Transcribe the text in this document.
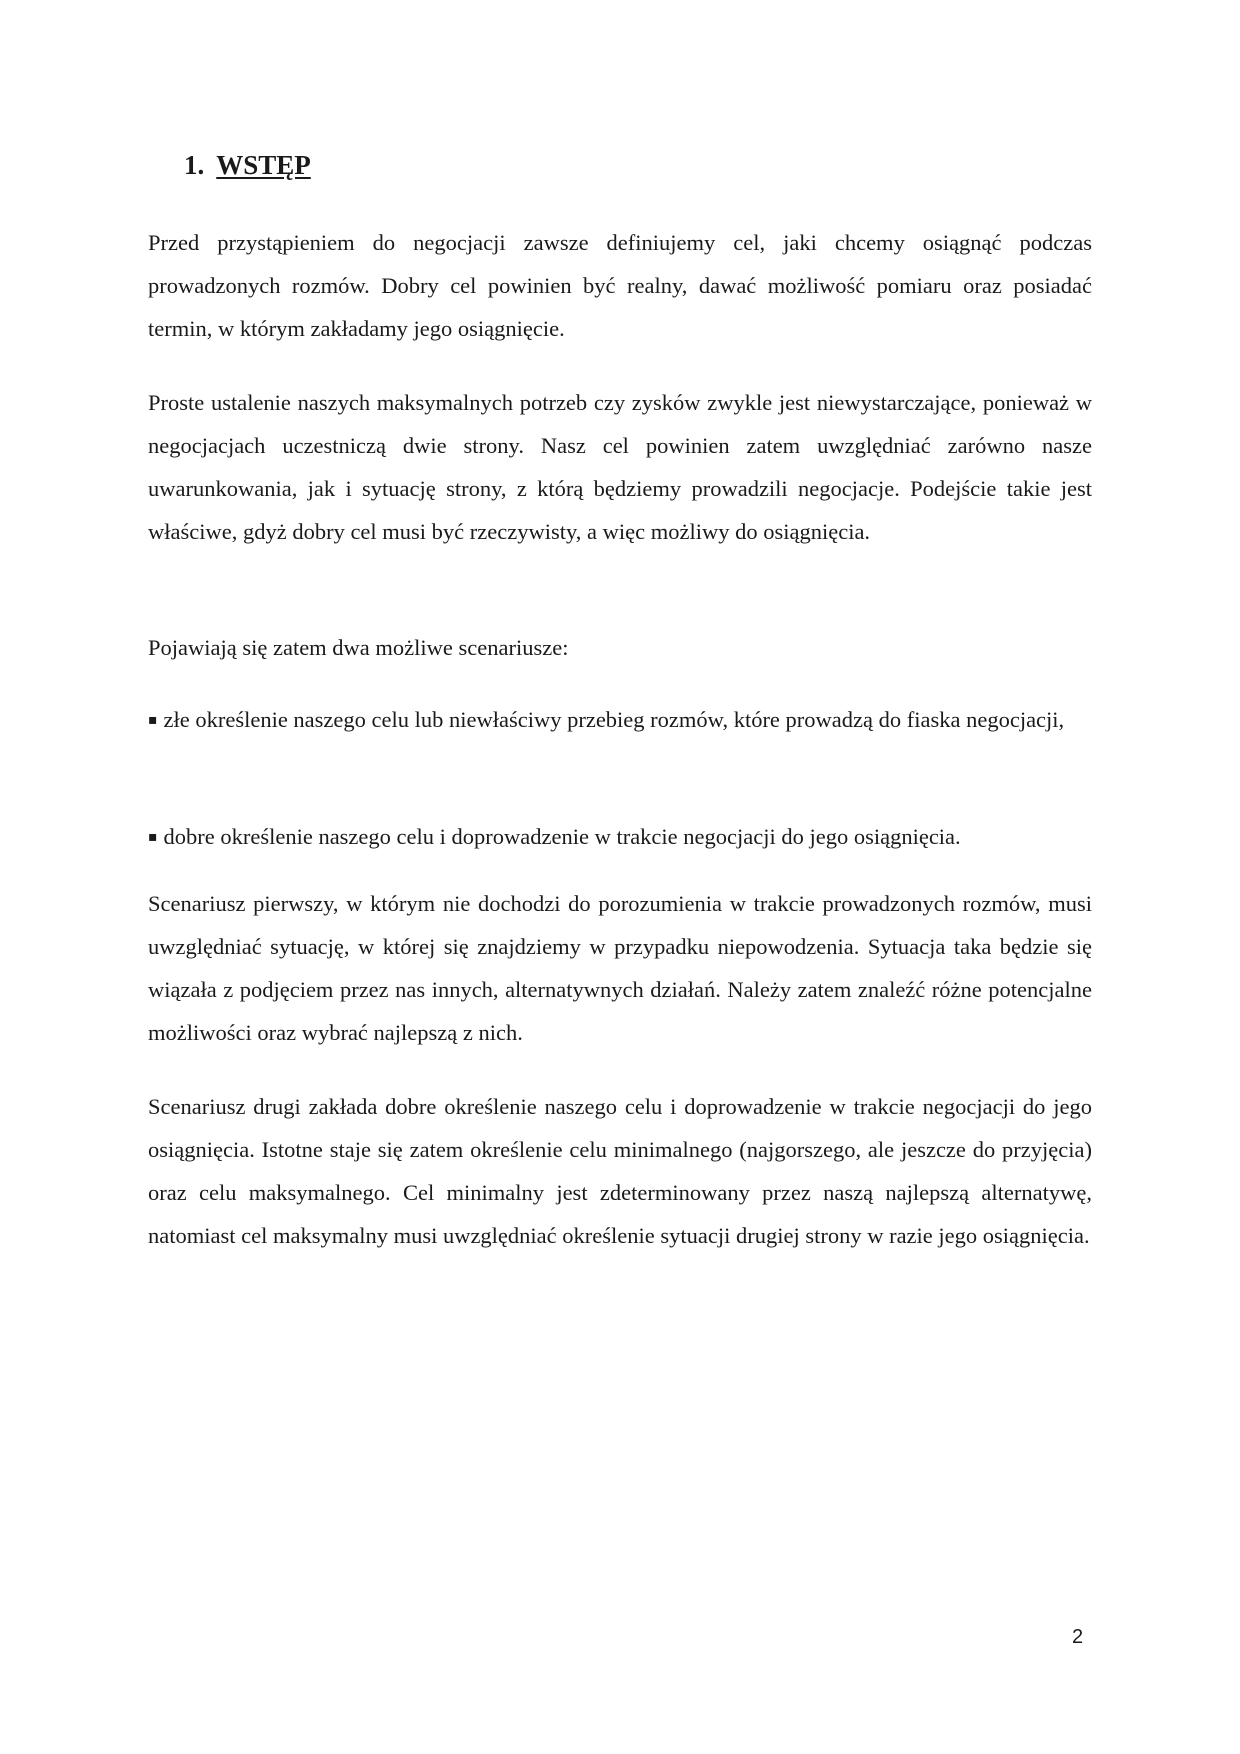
1. WSTĘP

Przed przystąpieniem do negocjacji zawsze definiujemy cel, jaki chcemy osiągnąć podczas prowadzonych rozmów. Dobry cel powinien być realny, dawać możliwość pomiaru oraz posiadać termin, w którym zakładamy jego osiągnięcie.

Proste ustalenie naszych maksymalnych potrzeb czy zysków zwykle jest niewystarczające, ponieważ w negocjacjach uczestniczą dwie strony. Nasz cel powinien zatem uwzględniać zarówno nasze uwarunkowania, jak i sytuację strony, z którą będziemy prowadzili negocjacje. Podejście takie jest właściwe, gdyż dobry cel musi być rzeczywisty, a więc możliwy do osiągnięcia.

Pojawiają się zatem dwa możliwe scenariusze:

▪ złe określenie naszego celu lub niewłaściwy przebieg rozmów, które prowadzą do fiaska negocjacji,

▪ dobre określenie naszego celu i doprowadzenie w trakcie negocjacji do jego osiągnięcia.

Scenariusz pierwszy, w którym nie dochodzi do porozumienia w trakcie prowadzonych rozmów, musi uwzględniać sytuację, w której się znajdziemy w przypadku niepowodzenia. Sytuacja taka będzie się wiązała z podjęciem przez nas innych, alternatywnych działań. Należy zatem znaleźć różne potencjalne możliwości oraz wybrać najlepszą z nich.

Scenariusz drugi zakłada dobre określenie naszego celu i doprowadzenie w trakcie negocjacji do jego osiągnięcia. Istotne staje się zatem określenie celu minimalnego (najgorszego, ale jeszcze do przyjęcia) oraz celu maksymalnego. Cel minimalny jest zdeterminowany przez naszą najlepszą alternatywę, natomiast cel maksymalny musi uwzględniać określenie sytuacji drugiej strony w razie jego osiągnięcia.

2
